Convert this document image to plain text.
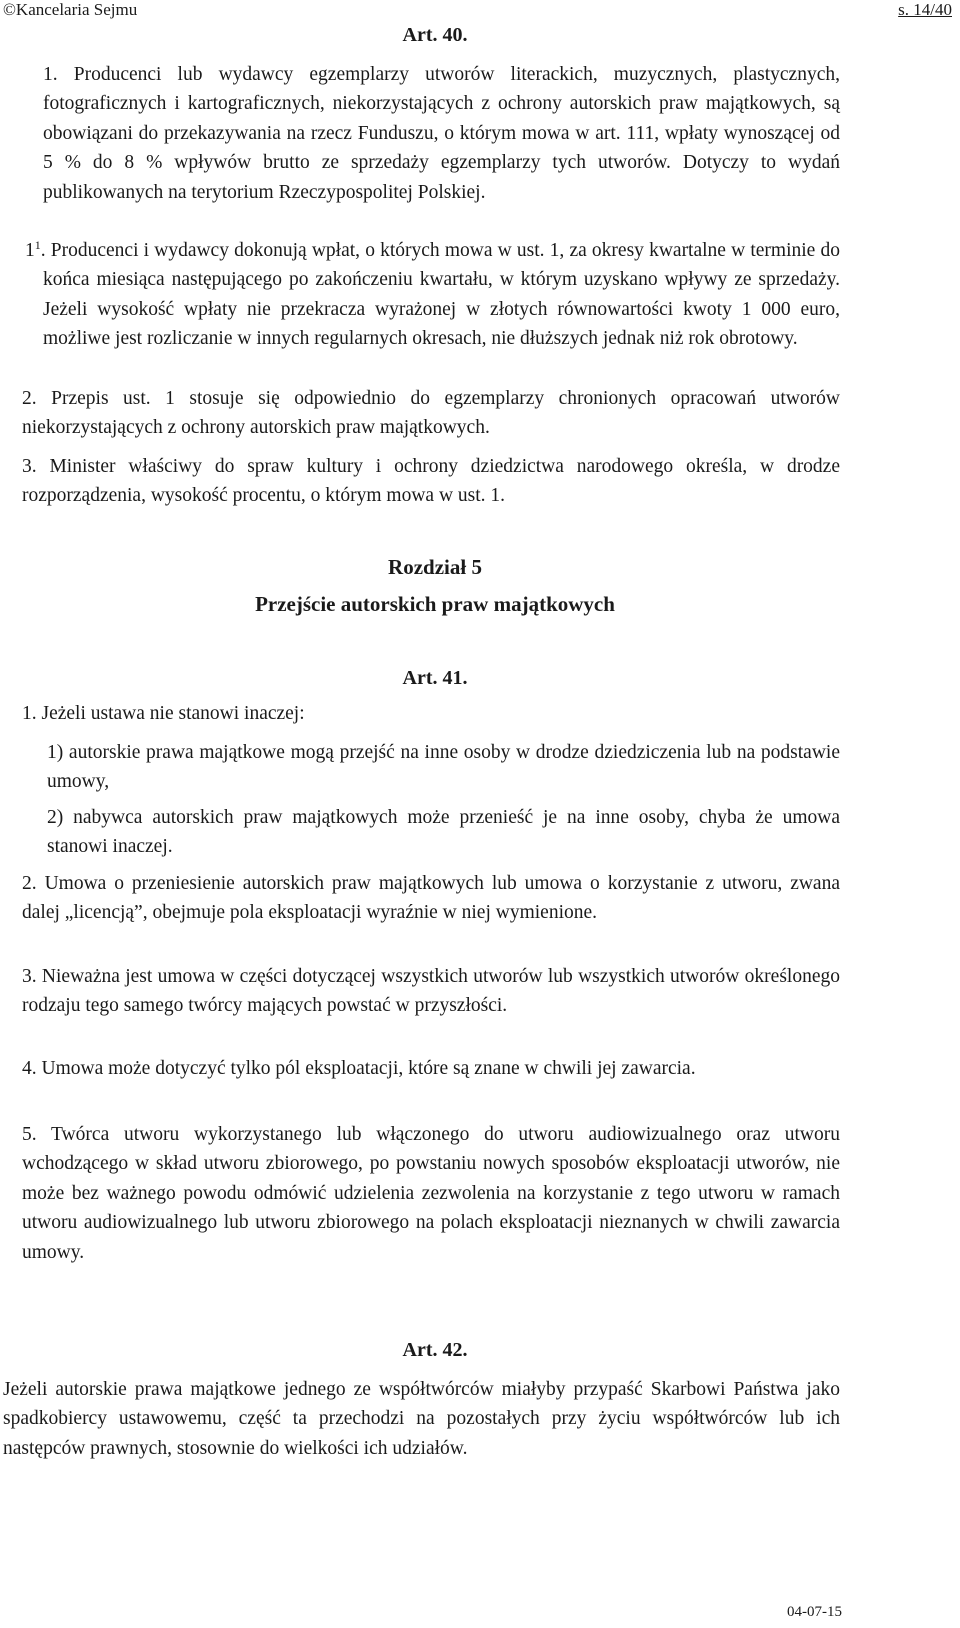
©Kancelaria Sejmu	s. 14/40
Art. 40.
1. Producenci lub wydawcy egzemplarzy utworów literackich, muzycznych, plastycznych, fotograficznych i kartograficznych, niekorzystających z ochrony autorskich praw majątkowych, są obowiązani do przekazywania na rzecz Funduszu, o którym mowa w art. 111, wpłaty wynoszącej od 5 % do 8 % wpływów brutto ze sprzedaży egzemplarzy tych utworów. Dotyczy to wydań publikowanych na terytorium Rzeczypospolitej Polskiej.
$1^1$. Producenci i wydawcy dokonują wpłat, o których mowa w ust. 1, za okresy kwartalne w terminie do końca miesiąca następującego po zakończeniu kwartału, w którym uzyskano wpływy ze sprzedaży. Jeżeli wysokość wpłaty nie przekracza wyrażonej w złotych równowartości kwoty 1 000 euro, możliwe jest rozliczanie w innych regularnych okresach, nie dłuższych jednak niż rok obrotowy.
2. Przepis ust. 1 stosuje się odpowiednio do egzemplarzy chronionych opracowań utworów niekorzystających z ochrony autorskich praw majątkowych.
3. Minister właściwy do spraw kultury i ochrony dziedzictwa narodowego określa, w drodze rozporządzenia, wysokość procentu, o którym mowa w ust. 1.
Rozdział 5
Przejście autorskich praw majątkowych
Art. 41.
1. Jeżeli ustawa nie stanowi inaczej:
1) autorskie prawa majątkowe mogą przejść na inne osoby w drodze dziedziczenia lub na podstawie umowy,
2) nabywca autorskich praw majątkowych może przenieść je na inne osoby, chyba że umowa stanowi inaczej.
2. Umowa o przeniesienie autorskich praw majątkowych lub umowa o korzystanie z utworu, zwana dalej „licencją”, obejmuje pola eksploatacji wyraźnie w niej wymienione.
3. Nieważna jest umowa w części dotyczącej wszystkich utworów lub wszystkich utworów określonego rodzaju tego samego twórcy mających powstać w przyszłości.
4. Umowa może dotyczyć tylko pól eksploatacji, które są znane w chwili jej zawarcia.
5. Twórca utworu wykorzystanego lub włączonego do utworu audiowizualnego oraz utworu wchodzącego w skład utworu zbiorowego, po powstaniu nowych sposobów eksploatacji utworów, nie może bez ważnego powodu odmówić udzielenia zezwolenia na korzystanie z tego utworu w ramach utworu audiowizualnego lub utworu zbiorowego na polach eksploatacji nieznanych w chwili zawarcia umowy.
Art. 42.
Jeżeli autorskie prawa majątkowe jednego ze współtwórców miałyby przypaść Skarbowi Państwa jako spadkobiercy ustawowemu, część ta przechodzi na pozostałych przy życiu współtwórców lub ich następców prawnych, stosownie do wielkości ich udziałów.
04-07-15
